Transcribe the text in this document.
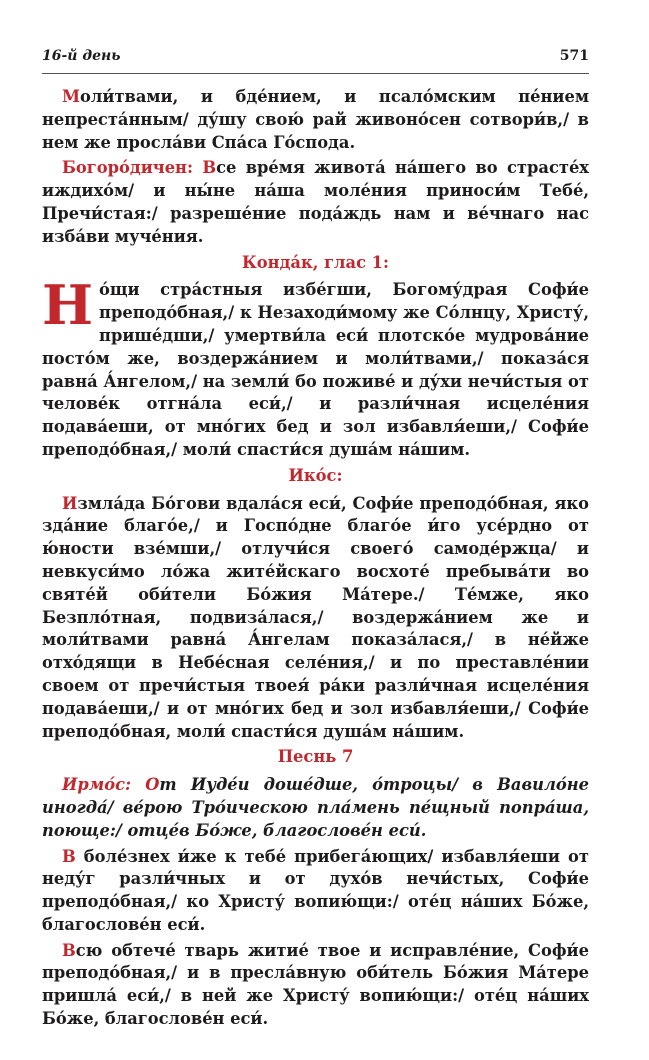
16-й день	571

Моли́твами, и бде́нием, и псало́мским пе́нием непреста́нным/ ду́шу свою́ рай живоно́сен сотвори́в,/ в нем же просла́ви Спа́са Го́спода.

Богоро́дичен: Все вре́мя живота́ на́шего во страсте́х иждихо́м/ и ны́не на́ша моле́ния приноси́м Тебе́, Пречи́стая:/ разреше́ние пода́ждь нам и ве́чнаго нас изба́ви муче́ния.

Конда́к, глас 1:

Но́щи стра́стныя избе́гши, Богому́драя Софи́е преподо́бная,/ к Незаходи́мому же Со́лнцу, Христу́, прише́дши,/ умертви́ла еси́ плотско́е мудрова́ние посто́м же, воздержа́нием и моли́твами,/ показа́ся равна́ А́нгелом,/ на земли́ бо поживе́ и ду́хи нечи́стыя от челове́к отгна́ла еси́,/ и разли́чная исцеле́ния подава́еши, от мно́гих бед и зол избавля́еши,/ Софи́е преподо́бная,/ моли́ спасти́ся душа́м на́шим.

Ико́с:

Измла́да Бо́гови вдала́ся еси́, Софи́е преподо́бная, яко зда́ние благо́е,/ и Госпо́дне благо́е и́го усе́рдно от ю́ности взе́мши,/ отлучи́ся своего́ самоде́ржца/ и невкуси́мо ло́жа жите́йскаго восхоте́ пребыва́ти во святе́й оби́тели Бо́жия Ма́тере./ Те́мже, яко Безпло́тная, подвиза́лася,/ воздержа́нием же и моли́твами равна́ А́нгелам показа́лася,/ в не́йже отхо́дящи в Небе́сная селе́ния,/ и по преставле́нии своем от пречи́стыя твоея́ ра́ки разли́чная исцеле́ния подава́еши,/ и от мно́гих бед и зол избавля́еши,/ Софи́е преподо́бная, моли́ спасти́ся душа́м на́шим.

Песнь 7

Ирмо́с: От Иуде́и доше́дше, о́троцы/ в Вавило́не иногда́/ ве́рою Тро́ическою пла́мень пе́щный попра́ша, поюще:/ отце́в Бо́же, благослове́н еси́.

В боле́знех и́же к тебе́ прибега́ющих/ избавля́еши от неду́г разли́чных и от духо́в нечи́стых, Софи́е преподо́бная,/ ко Христу́ вопию́щи:/ оте́ц на́ших Бо́же, благослове́н еси́.

Всю обтече́ тварь житие́ твое и исправле́ние, Софи́е преподо́бная,/ и в пресла́вную оби́тель Бо́жия Ма́тере пришла́ еси́,/ в ней же Христу́ вопию́щи:/ оте́ц на́ших Бо́же, благослове́н еси́.
